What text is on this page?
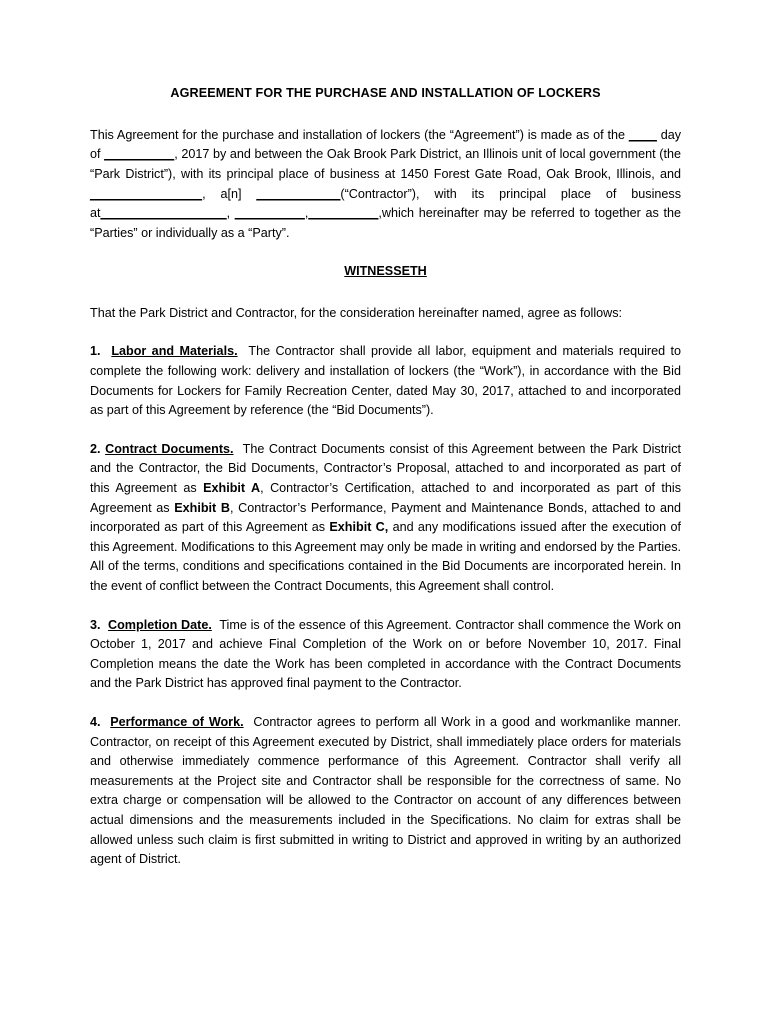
AGREEMENT FOR THE PURCHASE AND INSTALLATION OF LOCKERS

This Agreement for the purchase and installation of lockers (the “Agreement”) is made as of the ____ day of __________, 2017 by and between the Oak Brook Park District, an Illinois unit of local government (the “Park District”), with its principal place of business at 1450 Forest Gate Road, Oak Brook, Illinois, and ________________, a[n] ____________(“Contractor”), with its principal place of business at__________________, __________,__________,which hereinafter may be referred to together as the “Parties” or individually as a “Party”.

WITNESSETH

That the Park District and Contractor, for the consideration hereinafter named, agree as follows:

1. Labor and Materials. The Contractor shall provide all labor, equipment and materials required to complete the following work: delivery and installation of lockers (the “Work”), in accordance with the Bid Documents for Lockers for Family Recreation Center, dated May 30, 2017, attached to and incorporated as part of this Agreement by reference (the “Bid Documents”).

2. Contract Documents. The Contract Documents consist of this Agreement between the Park District and the Contractor, the Bid Documents, Contractor’s Proposal, attached to and incorporated as part of this Agreement as Exhibit A, Contractor’s Certification, attached to and incorporated as part of this Agreement as Exhibit B, Contractor’s Performance, Payment and Maintenance Bonds, attached to and incorporated as part of this Agreement as Exhibit C, and any modifications issued after the execution of this Agreement. Modifications to this Agreement may only be made in writing and endorsed by the Parties. All of the terms, conditions and specifications contained in the Bid Documents are incorporated herein. In the event of conflict between the Contract Documents, this Agreement shall control.

3. Completion Date. Time is of the essence of this Agreement. Contractor shall commence the Work on October 1, 2017 and achieve Final Completion of the Work on or before November 10, 2017. Final Completion means the date the Work has been completed in accordance with the Contract Documents and the Park District has approved final payment to the Contractor.

4. Performance of Work. Contractor agrees to perform all Work in a good and workmanlike manner. Contractor, on receipt of this Agreement executed by District, shall immediately place orders for materials and otherwise immediately commence performance of this Agreement. Contractor shall verify all measurements at the Project site and Contractor shall be responsible for the correctness of same. No extra charge or compensation will be allowed to the Contractor on account of any differences between actual dimensions and the measurements included in the Specifications. No claim for extras shall be allowed unless such claim is first submitted in writing to District and approved in writing by an authorized agent of District.
